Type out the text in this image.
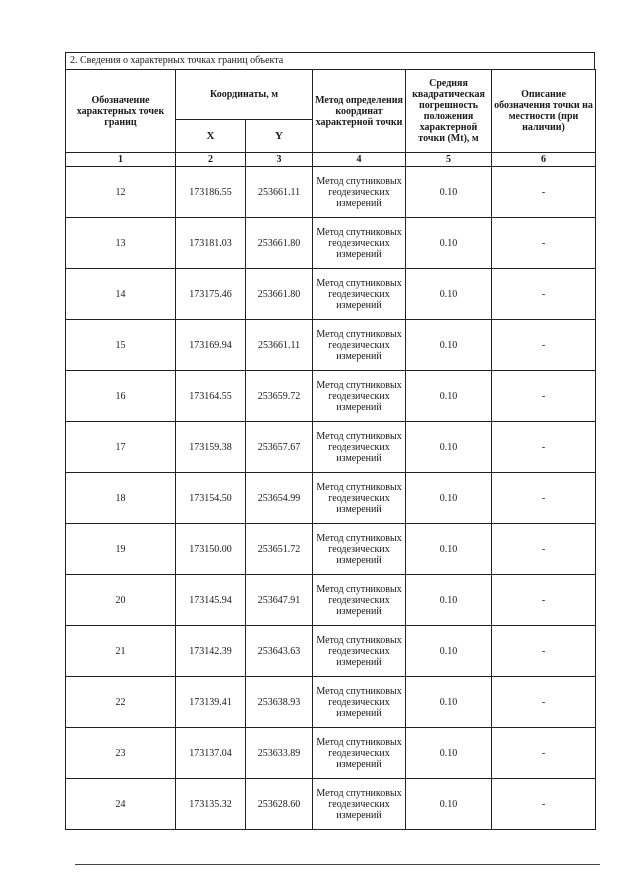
2. Сведения о характерных точках границ объекта
Обозначение характерных точек границ	Координаты, м		Метод определения координат характерной точки	Средняя квадратическая погрешность положения характерной точки (Mt), м	Описание обозначения точки на местности (при наличии)
	X	Y			
1	2	3	4	5	6
12	173186.55	253661.11	Метод спутниковых геодезических измерений	0.10	-
13	173181.03	253661.80	Метод спутниковых геодезических измерений	0.10	-
14	173175.46	253661.80	Метод спутниковых геодезических измерений	0.10	-
15	173169.94	253661.11	Метод спутниковых геодезических измерений	0.10	-
16	173164.55	253659.72	Метод спутниковых геодезических измерений	0.10	-
17	173159.38	253657.67	Метод спутниковых геодезических измерений	0.10	-
18	173154.50	253654.99	Метод спутниковых геодезических измерений	0.10	-
19	173150.00	253651.72	Метод спутниковых геодезических измерений	0.10	-
20	173145.94	253647.91	Метод спутниковых геодезических измерений	0.10	-
21	173142.39	253643.63	Метод спутниковых геодезических измерений	0.10	-
22	173139.41	253638.93	Метод спутниковых геодезических измерений	0.10	-
23	173137.04	253633.89	Метод спутниковых геодезических измерений	0.10	-
24	173135.32	253628.60	Метод спутниковых геодезических измерений	0.10	-
